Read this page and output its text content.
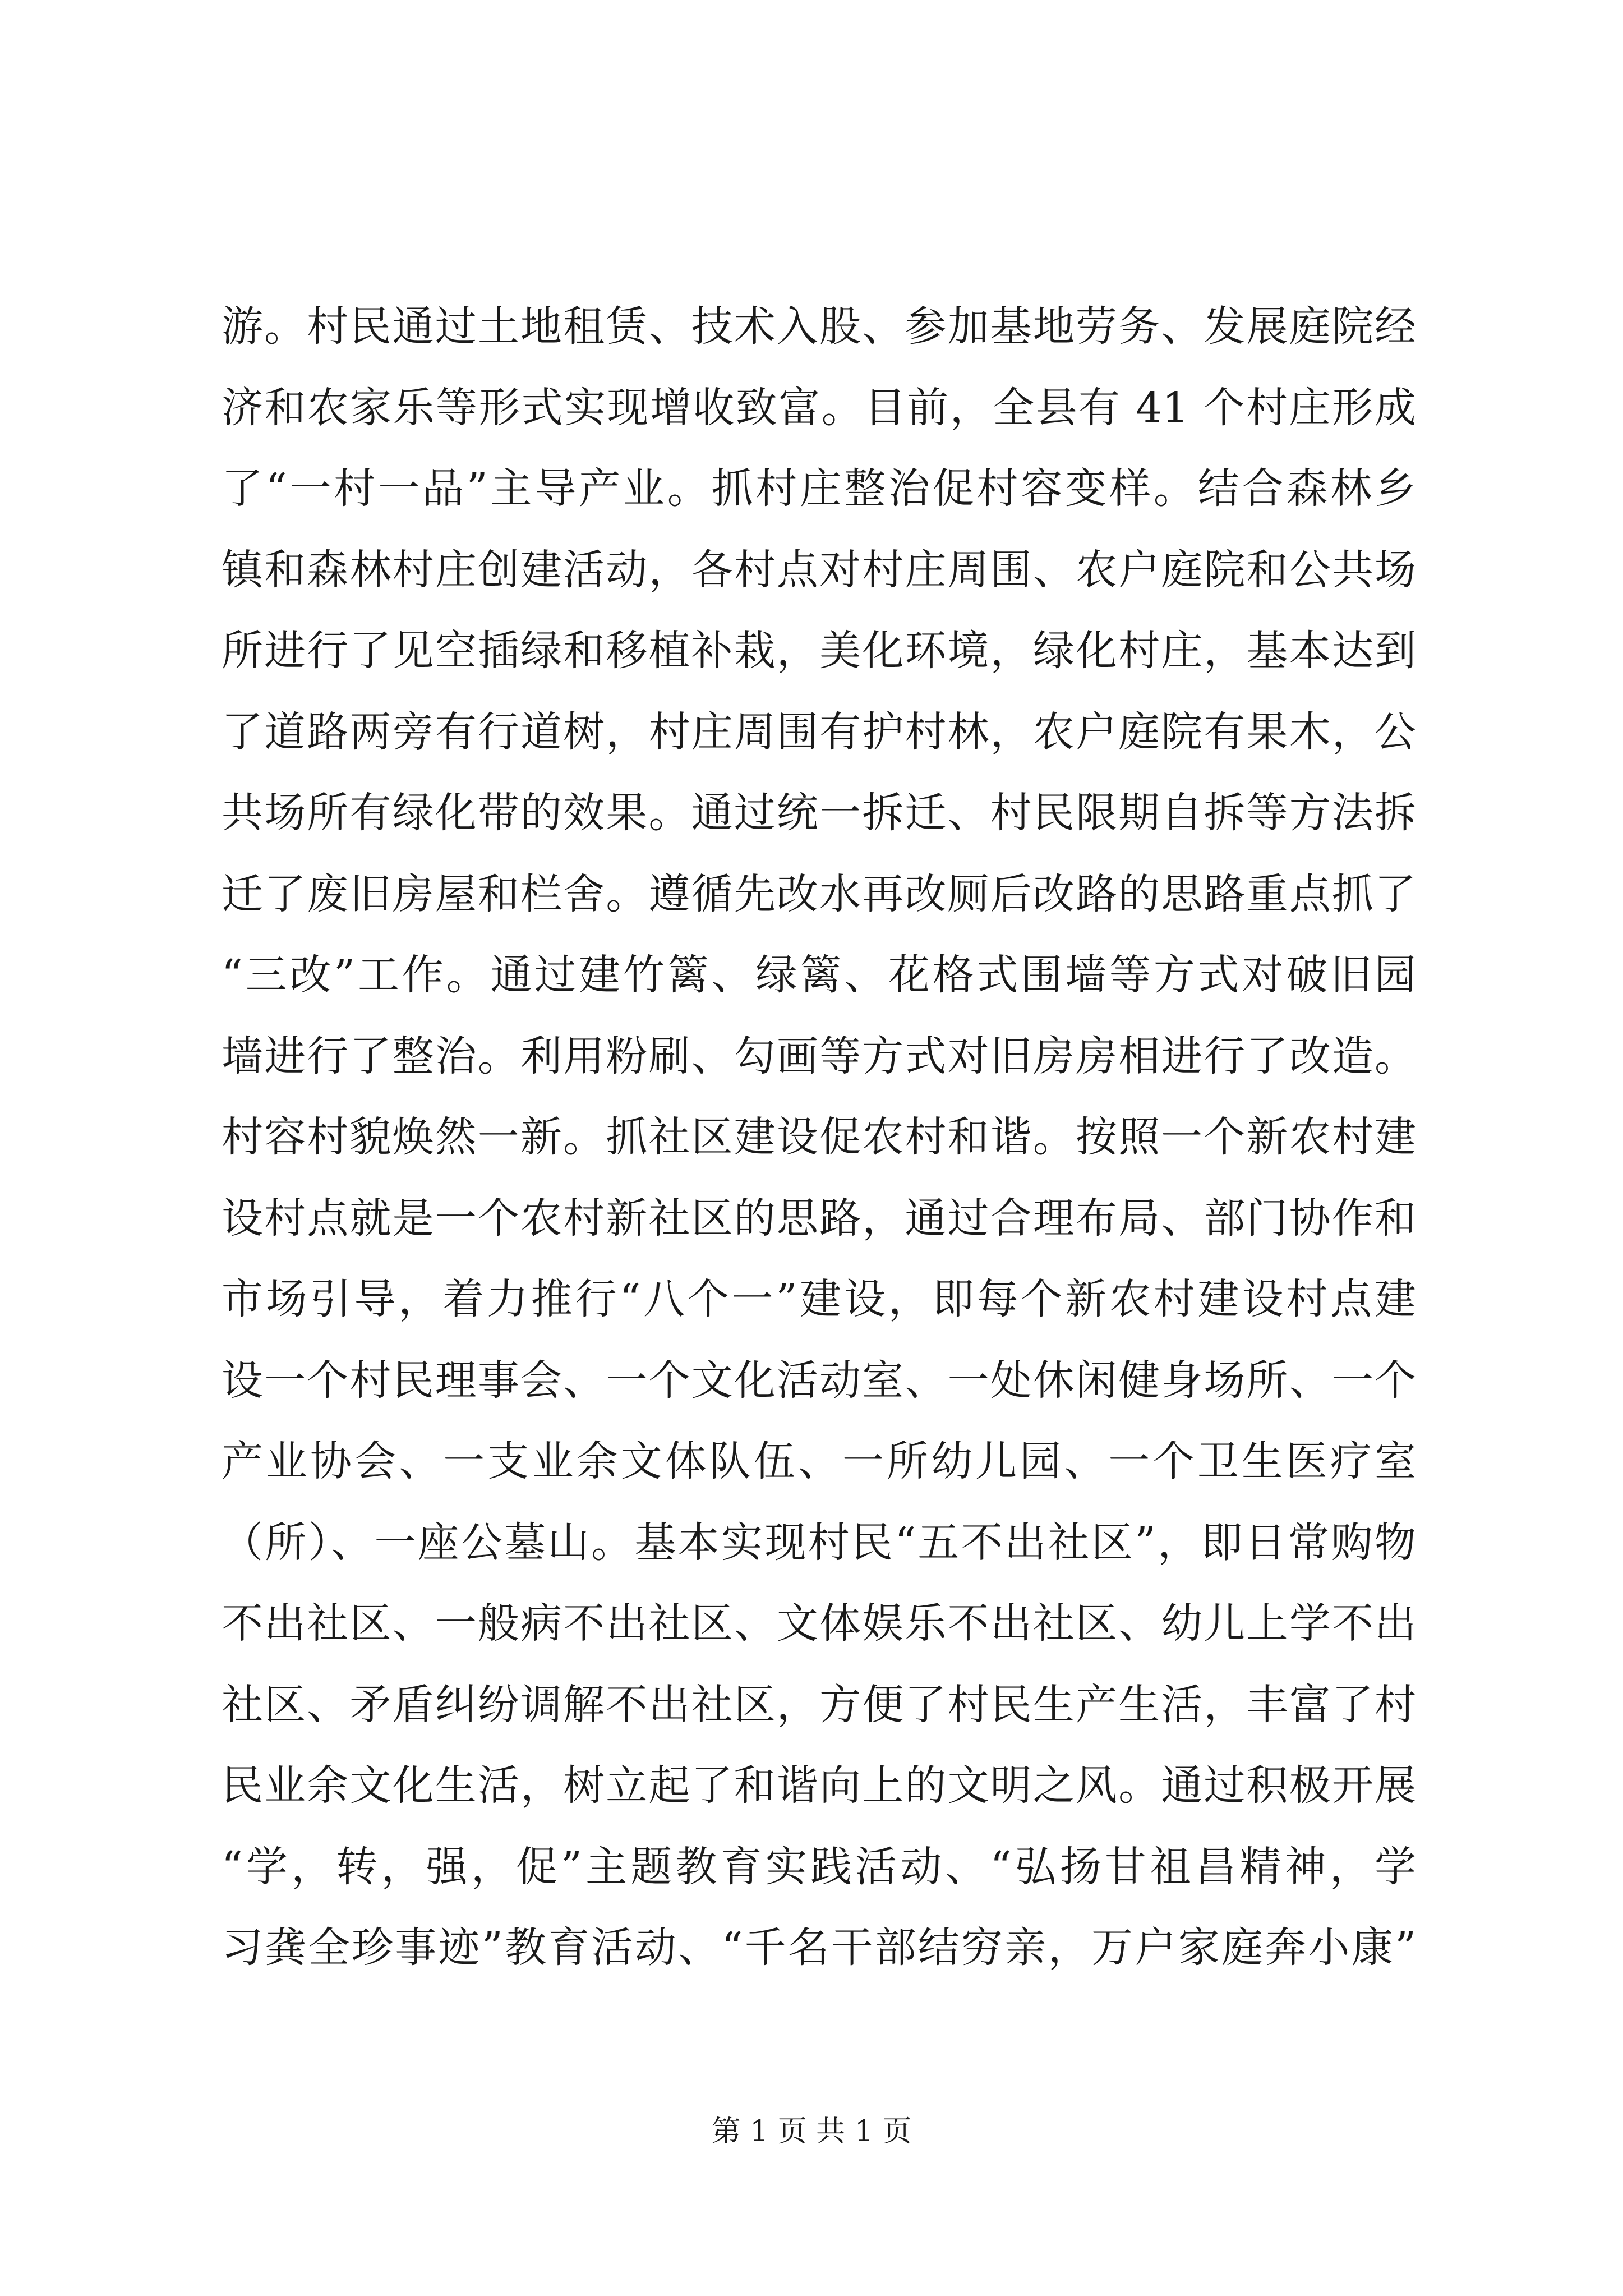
游。村民通过土地租赁、技术入股、参加基地劳务、发展庭院经
济和农家乐等形式实现增收致富。目前，全县有 41 个村庄形成
了“一村一品”主导产业。抓村庄整治促村容变样。结合森林乡
镇和森林村庄创建活动，各村点对村庄周围、农户庭院和公共场
所进行了见空插绿和移植补栽，美化环境，绿化村庄，基本达到
了道路两旁有行道树，村庄周围有护村林，农户庭院有果木，公
共场所有绿化带的效果。通过统一拆迁、村民限期自拆等方法拆
迁了废旧房屋和栏舍。遵循先改水再改厕后改路的思路重点抓了
“三改”工作。通过建竹篱、绿篱、花格式围墙等方式对破旧园
墙进行了整治。利用粉刷、勾画等方式对旧房房相进行了改造。
村容村貌焕然一新。抓社区建设促农村和谐。按照一个新农村建
设村点就是一个农村新社区的思路，通过合理布局、部门协作和
市场引导，着力推行“八个一”建设，即每个新农村建设村点建
设一个村民理事会、一个文化活动室、一处休闲健身场所、一个
产业协会、一支业余文体队伍、一所幼儿园、一个卫生医疗室
（所）、一座公墓山。基本实现村民“五不出社区”，即日常购物
不出社区、一般病不出社区、文体娱乐不出社区、幼儿上学不出
社区、矛盾纠纷调解不出社区，方便了村民生产生活，丰富了村
民业余文化生活，树立起了和谐向上的文明之风。通过积极开展
“学，转，强，促”主题教育实践活动、“弘扬甘祖昌精神，学
习龚全珍事迹”教育活动、“千名干部结穷亲，万户家庭奔小康”
第 1 页 共 1 页
